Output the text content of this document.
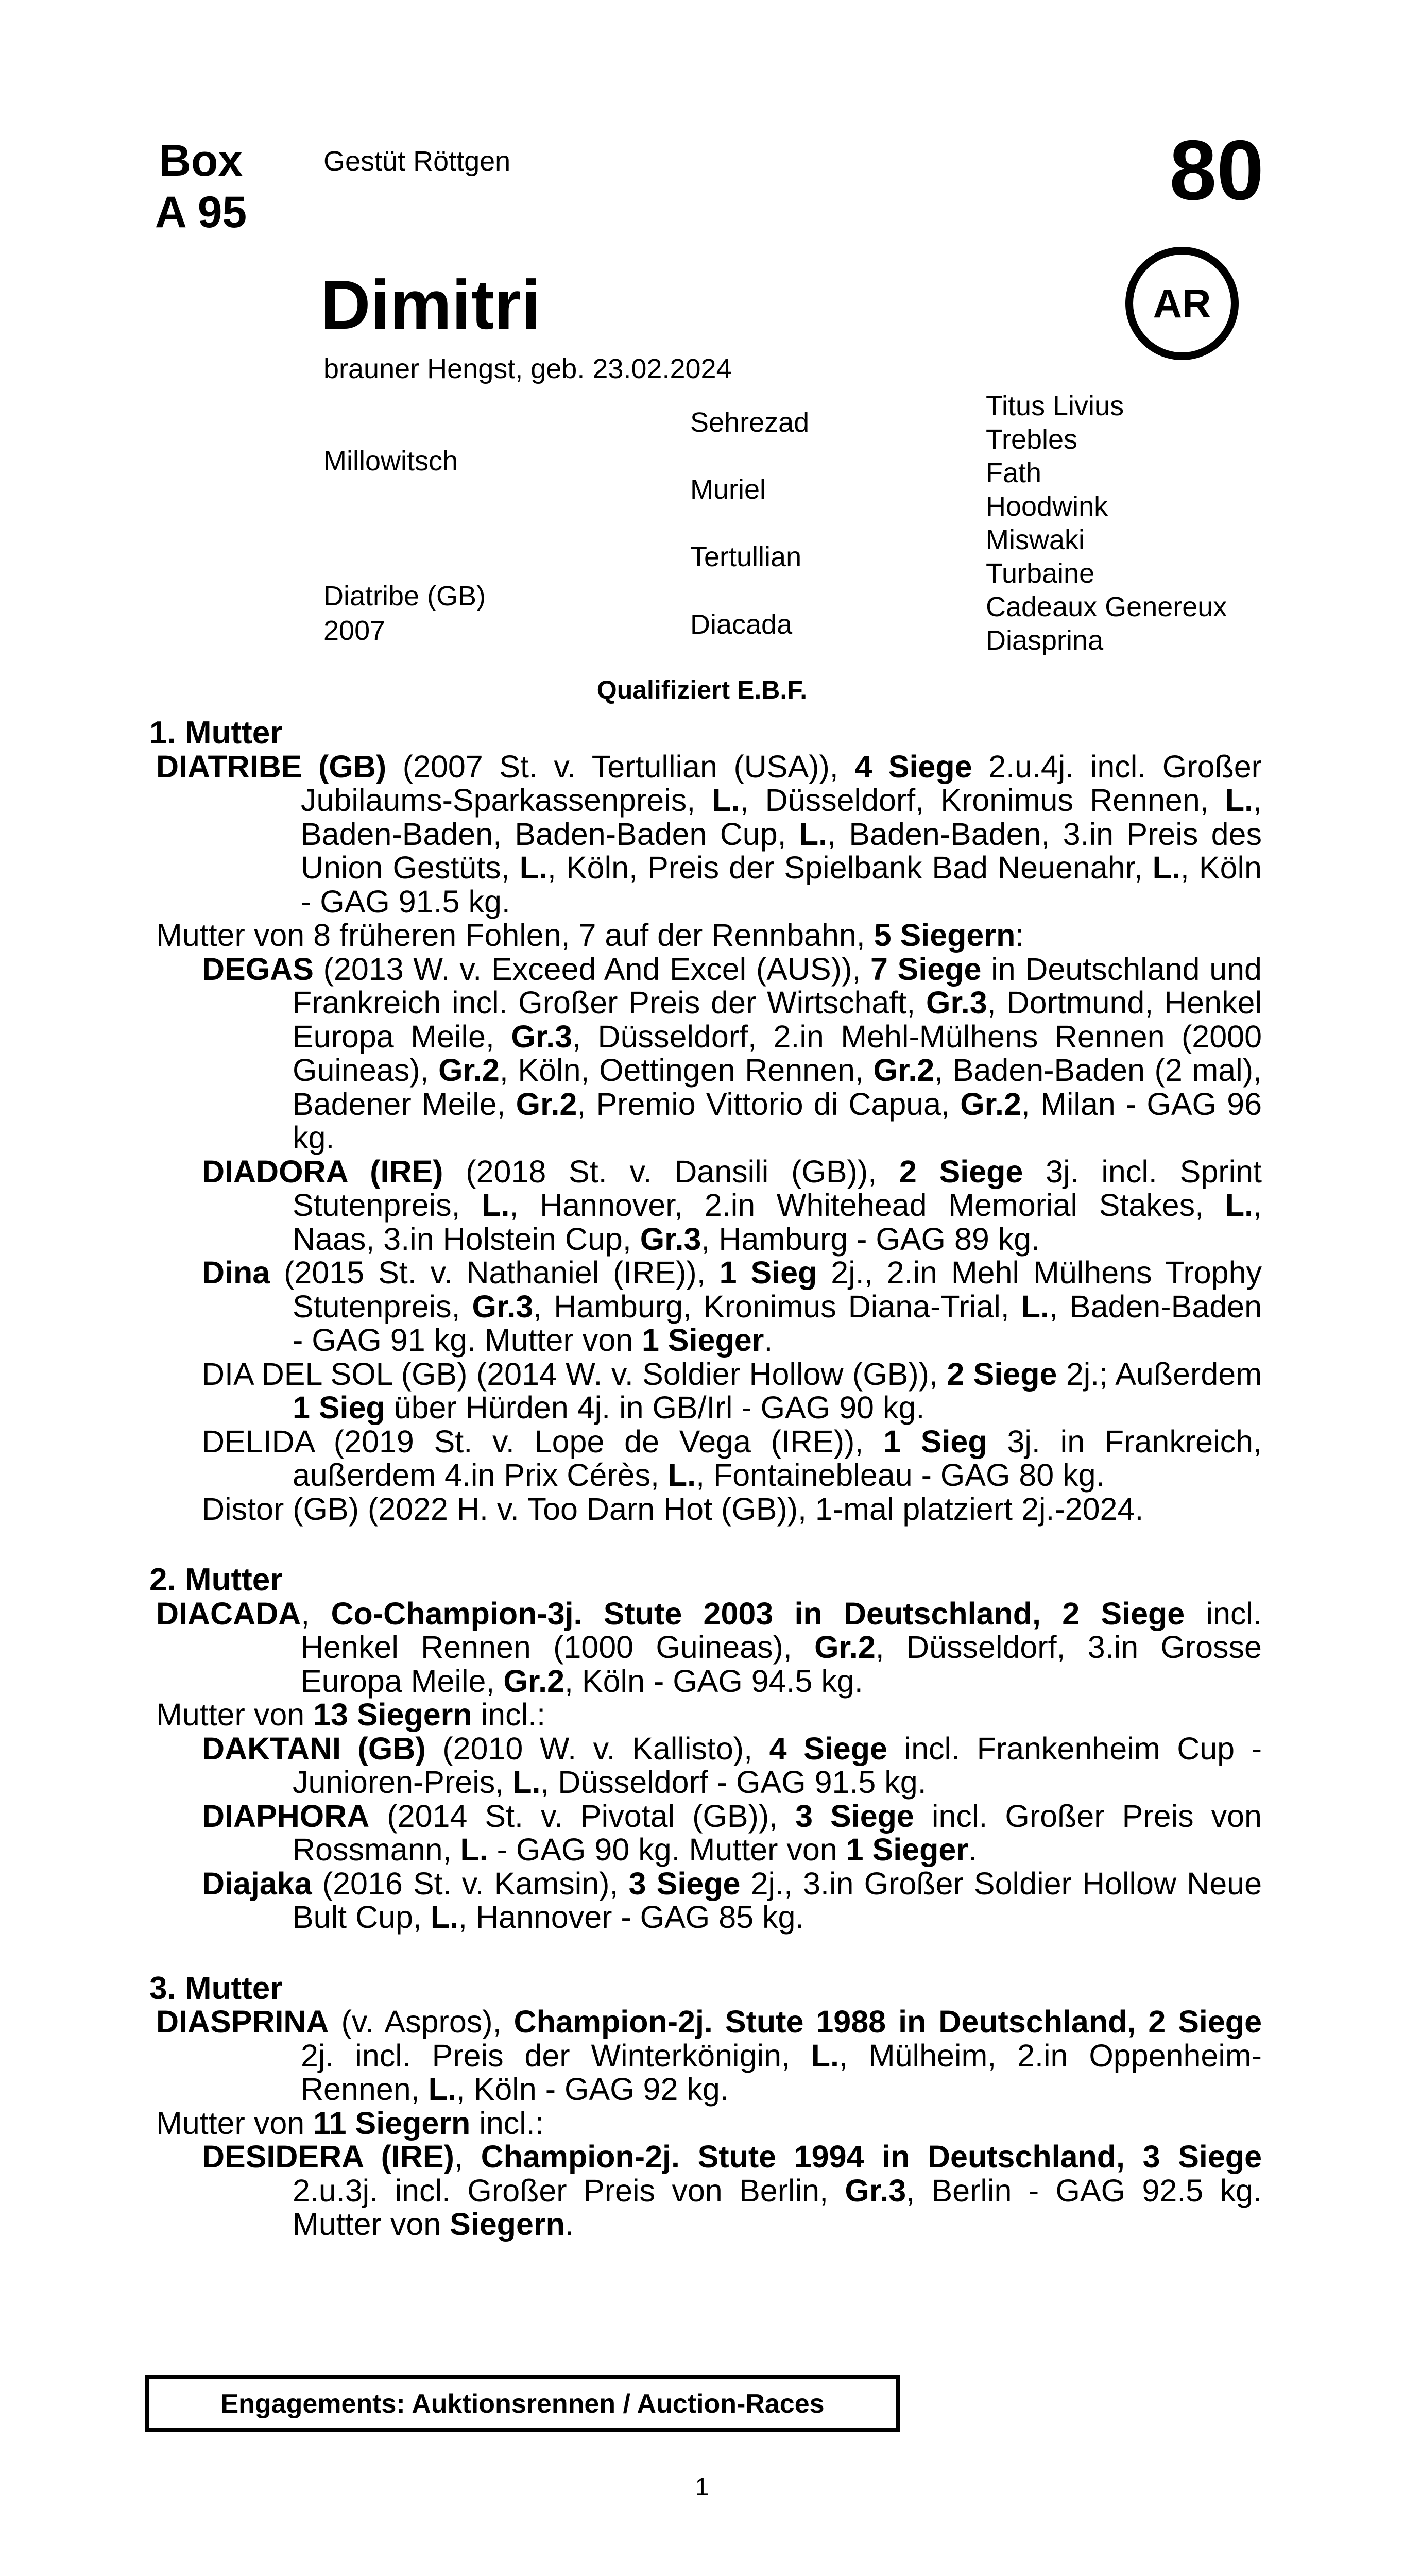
Box
A 95
Gestüt Röttgen	80
Dimitri	AR
brauner Hengst, geb. 23.02.2024
Millowitsch
Diatribe (GB)
2007
Sehrezad
Muriel
Tertullian
Diacada
Titus Livius
Trebles
Fath
Hoodwink
Miswaki
Turbaine
Cadeaux Genereux
Diasprina
Qualifiziert E.B.F.
1. Mutter
DIATRIBE (GB) (2007 St. v. Tertullian (USA)), 4 Siege 2.u.4j. incl. Großer Jubilaums-Sparkassenpreis, L., Düsseldorf, Kronimus Rennen, L., Baden-Baden, Baden-Baden Cup, L., Baden-Baden, 3.in Preis des Union Gestüts, L., Köln, Preis der Spielbank Bad Neuenahr, L., Köln - GAG 91.5 kg.
Mutter von 8 früheren Fohlen, 7 auf der Rennbahn, 5 Siegern:
DEGAS (2013 W. v. Exceed And Excel (AUS)), 7 Siege in Deutschland und Frankreich incl. Großer Preis der Wirtschaft, Gr.3, Dortmund, Henkel Europa Meile, Gr.3, Düsseldorf, 2.in Mehl-Mülhens Rennen (2000 Guineas), Gr.2, Köln, Oettingen Rennen, Gr.2, Baden-Baden (2 mal), Badener Meile, Gr.2, Premio Vittorio di Capua, Gr.2, Milan - GAG 96 kg.
DIADORA (IRE) (2018 St. v. Dansili (GB)), 2 Siege 3j. incl. Sprint Stutenpreis, L., Hannover, 2.in Whitehead Memorial Stakes, L., Naas, 3.in Holstein Cup, Gr.3, Hamburg - GAG 89 kg.
Dina (2015 St. v. Nathaniel (IRE)), 1 Sieg 2j., 2.in Mehl Mülhens Trophy Stutenpreis, Gr.3, Hamburg, Kronimus Diana-Trial, L., Baden-Baden - GAG 91 kg. Mutter von 1 Sieger.
DIA DEL SOL (GB) (2014 W. v. Soldier Hollow (GB)), 2 Siege 2j.; Außerdem 1 Sieg über Hürden 4j. in GB/Irl - GAG 90 kg.
DELIDA (2019 St. v. Lope de Vega (IRE)), 1 Sieg 3j. in Frankreich, außerdem 4.in Prix Cérès, L., Fontainebleau - GAG 80 kg.
Distor (GB) (2022 H. v. Too Darn Hot (GB)), 1-mal platziert 2j.-2024.
2. Mutter
DIACADA, Co-Champion-3j. Stute 2003 in Deutschland, 2 Siege incl. Henkel Rennen (1000 Guineas), Gr.2, Düsseldorf, 3.in Grosse Europa Meile, Gr.2, Köln - GAG 94.5 kg.
Mutter von 13 Siegern incl.:
DAKTANI (GB) (2010 W. v. Kallisto), 4 Siege incl. Frankenheim Cup - Junioren-Preis, L., Düsseldorf - GAG 91.5 kg.
DIAPHORA (2014 St. v. Pivotal (GB)), 3 Siege incl. Großer Preis von Rossmann, L. - GAG 90 kg. Mutter von 1 Sieger.
Diajaka (2016 St. v. Kamsin), 3 Siege 2j., 3.in Großer Soldier Hollow Neue Bult Cup, L., Hannover - GAG 85 kg.
3. Mutter
DIASPRINA (v. Aspros), Champion-2j. Stute 1988 in Deutschland, 2 Siege 2j. incl. Preis der Winterkönigin, L., Mülheim, 2.in Oppenheim-Rennen, L., Köln - GAG 92 kg.
Mutter von 11 Siegern incl.:
DESIDERA (IRE), Champion-2j. Stute 1994 in Deutschland, 3 Siege 2.u.3j. incl. Großer Preis von Berlin, Gr.3, Berlin - GAG 92.5 kg. Mutter von Siegern.
Engagements: Auktionsrennen / Auction-Races
1
